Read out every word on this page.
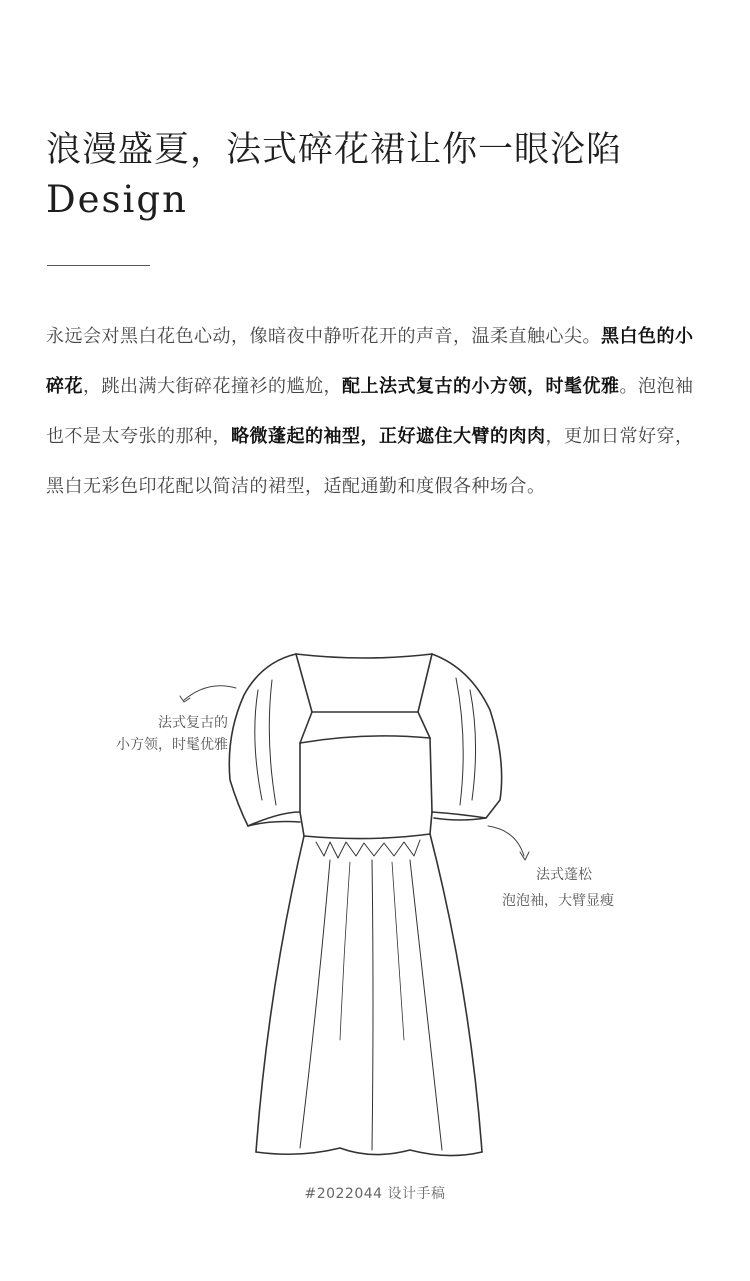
浪漫盛夏，法式碎花裙让你一眼沦陷
Design
永远会对黑白花色心动，像暗夜中静听花开的声音，温柔直触心尖。黑白色的小碎花，跳出满大街碎花撞衫的尴尬，配上法式复古的小方领，时髦优雅。泡泡袖也不是太夸张的那种，略微蓬起的袖型，正好遮住大臂的肉肉，更加日常好穿，黑白无彩色印花配以简洁的裙型，适配通勤和度假各种场合。
法式复古的
小方领，时髦优雅
法式蓬松
泡泡袖，大臂显瘦
#2022044 设计手稿
